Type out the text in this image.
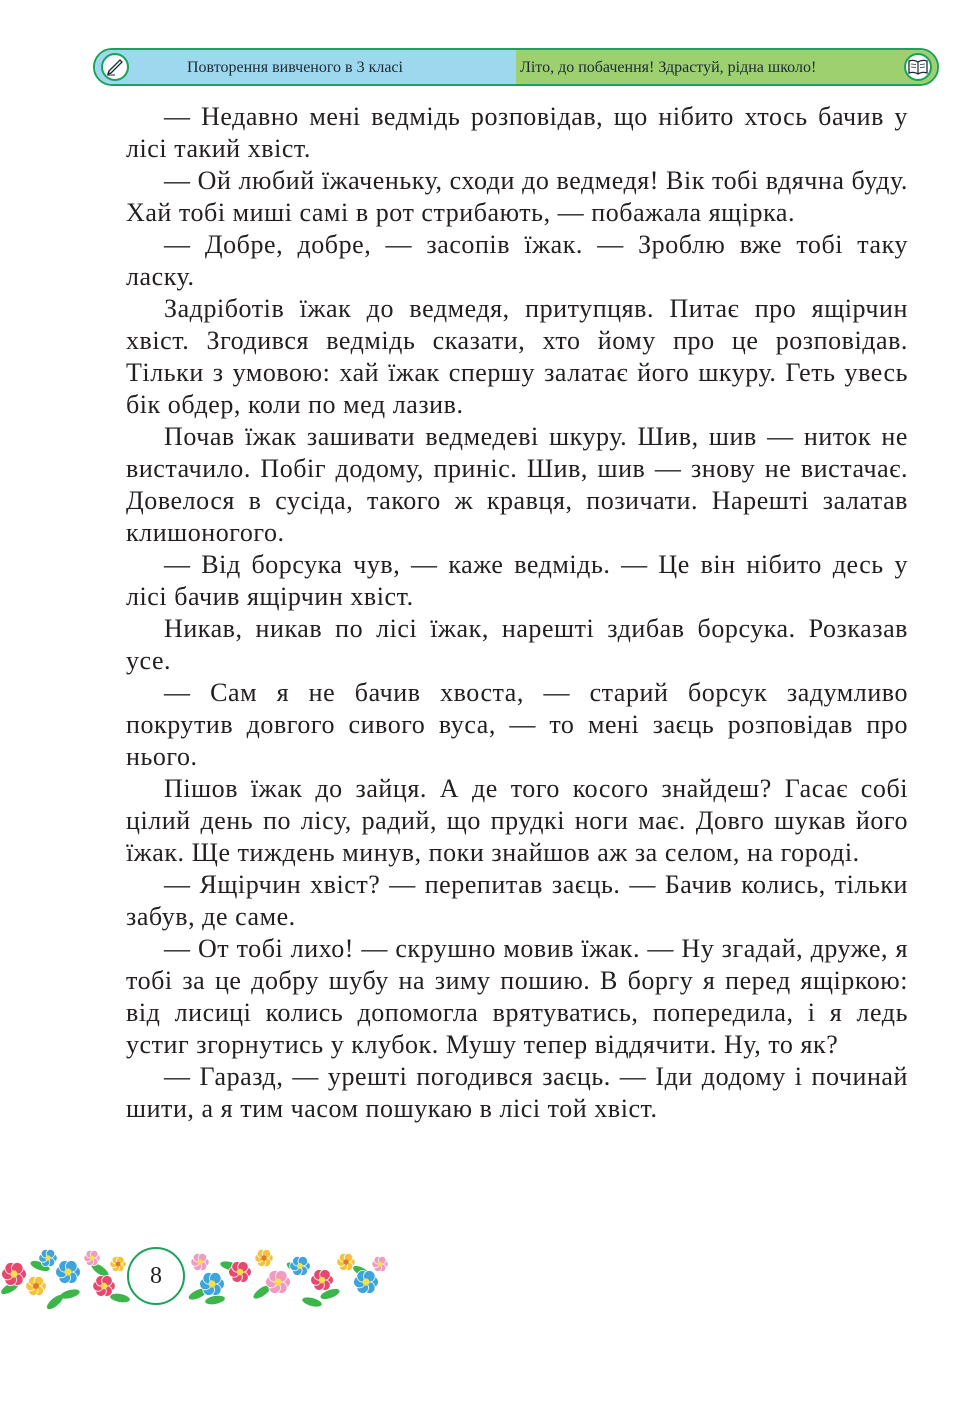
Повторення вивченого в 3 класі	Літо, до побачення! Здрастуй, рідна школо!

— Недавно мені ведмідь розповідав, що нібито хтось бачив у лісі такий хвіст.

— Ой любий їжаченьку, сходи до ведмедя! Вік тобі вдячна буду. Хай тобі миші самі в рот стрибають, — побажала ящірка.

— Добре, добре, — засопів їжак. — Зроблю вже тобі таку ласку.

Задріботів їжак до ведмедя, притупцяв. Питає про ящірчин хвіст. Згодився ведмідь сказати, хто йому про це розповідав. Тільки з умовою: хай їжак спершу залатає його шкуру. Геть увесь бік обдер, коли по мед лазив.

Почав їжак зашивати ведмедеві шкуру. Шив, шив — ниток не вистачило. Побіг додому, приніс. Шив, шив — знову не вистачає. Довелося в сусіда, такого ж кравця, позичати. Нарешті залатав клишоногого.

— Від борсука чув, — каже ведмідь. — Це він нібито десь у лісі бачив ящірчин хвіст.

Никав, никав по лісі їжак, нарешті здибав борсука. Розказав усе.

— Сам я не бачив хвоста, — старий борсук задумливо покрутив довгого сивого вуса, — то мені заєць розповідав про нього.

Пішов їжак до зайця. А де того косого знайдеш? Гасає собі цілий день по лісу, радий, що прудкі ноги має. Довго шукав його їжак. Ще тиждень минув, поки знайшов аж за селом, на городі.

— Ящірчин хвіст? — перепитав заєць. — Бачив колись, тільки забув, де саме.

— От тобі лихо! — скрушно мовив їжак. — Ну згадай, друже, я тобі за це добру шубу на зиму пошию. В боргу я перед ящіркою: від лисиці колись допомогла врятуватись, попередила, і я ледь устиг згорнутись у клубок. Мушу тепер віддячити. Ну, то як?

— Гаразд, — урешті погодився заєць. — Іди додому і починай шити, а я тим часом пошукаю в лісі той хвіст.

8
